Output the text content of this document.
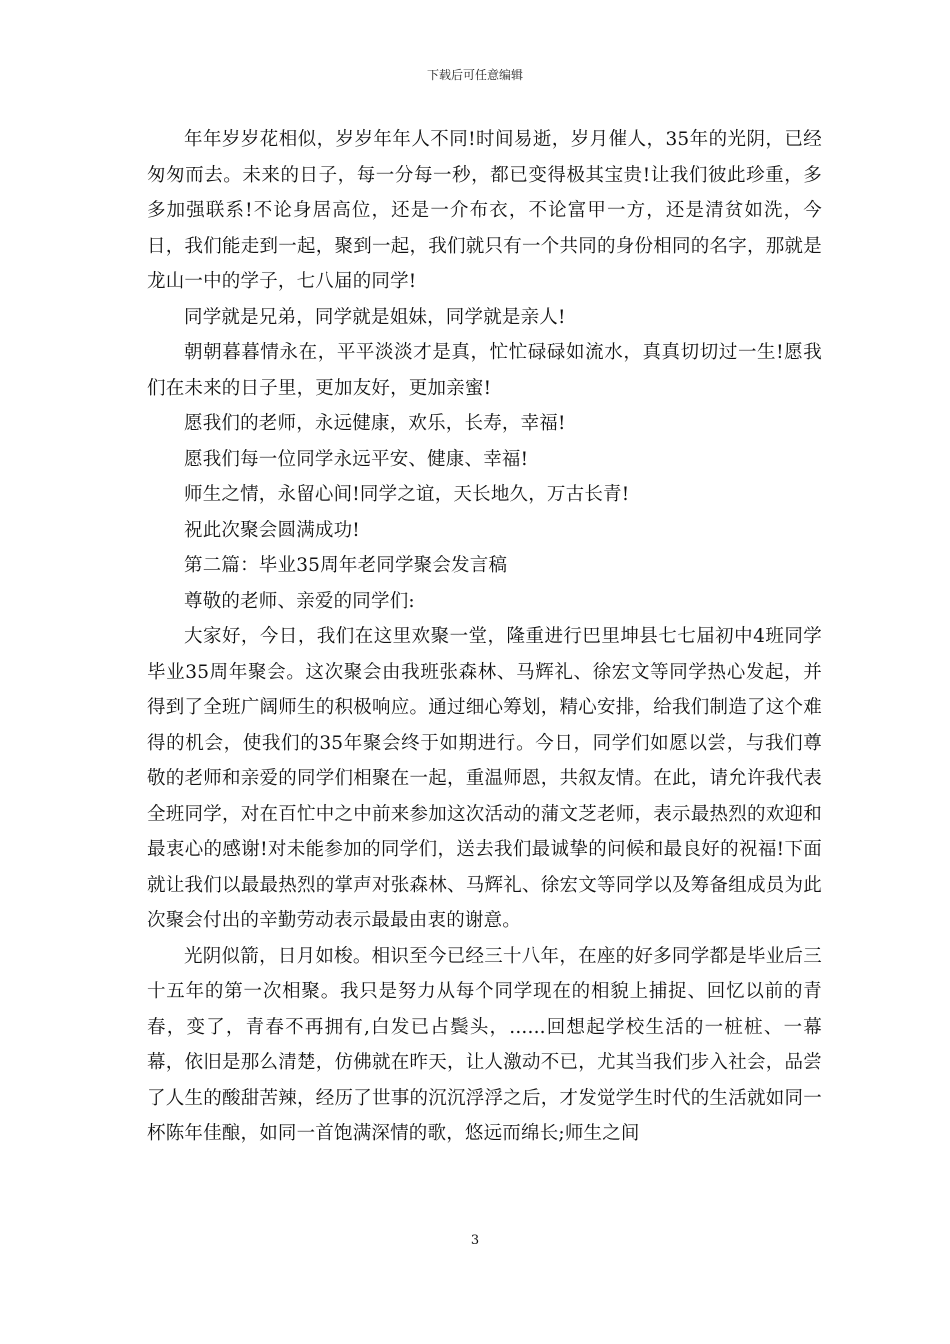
下载后可任意编辑

年年岁岁花相似，岁岁年年人不同!时间易逝，岁月催人，35年的光阴，已经匆匆而去。未来的日子，每一分每一秒，都已变得极其宝贵!让我们彼此珍重，多多加强联系!不论身居高位，还是一介布衣，不论富甲一方，还是清贫如洗，今日，我们能走到一起，聚到一起，我们就只有一个共同的身份相同的名字，那就是龙山一中的学子，七八届的同学!

同学就是兄弟，同学就是姐妹，同学就是亲人!

朝朝暮暮情永在，平平淡淡才是真，忙忙碌碌如流水，真真切切过一生!愿我们在未来的日子里，更加友好，更加亲蜜!

愿我们的老师，永远健康，欢乐，长寿，幸福!

愿我们每一位同学永远平安、健康、幸福!

师生之情，永留心间!同学之谊，天长地久，万古长青!

祝此次聚会圆满成功!

第二篇：毕业35周年老同学聚会发言稿

尊敬的老师、亲爱的同学们:

大家好，今日，我们在这里欢聚一堂，隆重进行巴里坤县七七届初中4班同学毕业35周年聚会。这次聚会由我班张森林、马辉礼、徐宏文等同学热心发起，并得到了全班广阔师生的积极响应。通过细心筹划，精心安排，给我们制造了这个难得的机会，使我们的35年聚会终于如期进行。今日，同学们如愿以尝，与我们尊敬的老师和亲爱的同学们相聚在一起，重温师恩，共叙友情。在此，请允许我代表全班同学，对在百忙中之中前来参加这次活动的蒲文芝老师，表示最热烈的欢迎和最衷心的感谢!对未能参加的同学们，送去我们最诚挚的问候和最良好的祝福!下面就让我们以最最热烈的掌声对张森林、马辉礼、徐宏文等同学以及筹备组成员为此次聚会付出的辛勤劳动表示最最由衷的谢意。

光阴似箭，日月如梭。相识至今已经三十八年，在座的好多同学都是毕业后三十五年的第一次相聚。我只是努力从每个同学现在的相貌上捕捉、回忆以前的青春，变了，青春不再拥有,白发已占鬓头，......回想起学校生活的一桩桩、一幕幕，依旧是那么清楚，仿佛就在昨天，让人激动不已，尤其当我们步入社会，品尝了人生的酸甜苦辣，经历了世事的沉沉浮浮之后，才发觉学生时代的生活就如同一杯陈年佳酿，如同一首饱满深情的歌，悠远而绵长;师生之间

3
